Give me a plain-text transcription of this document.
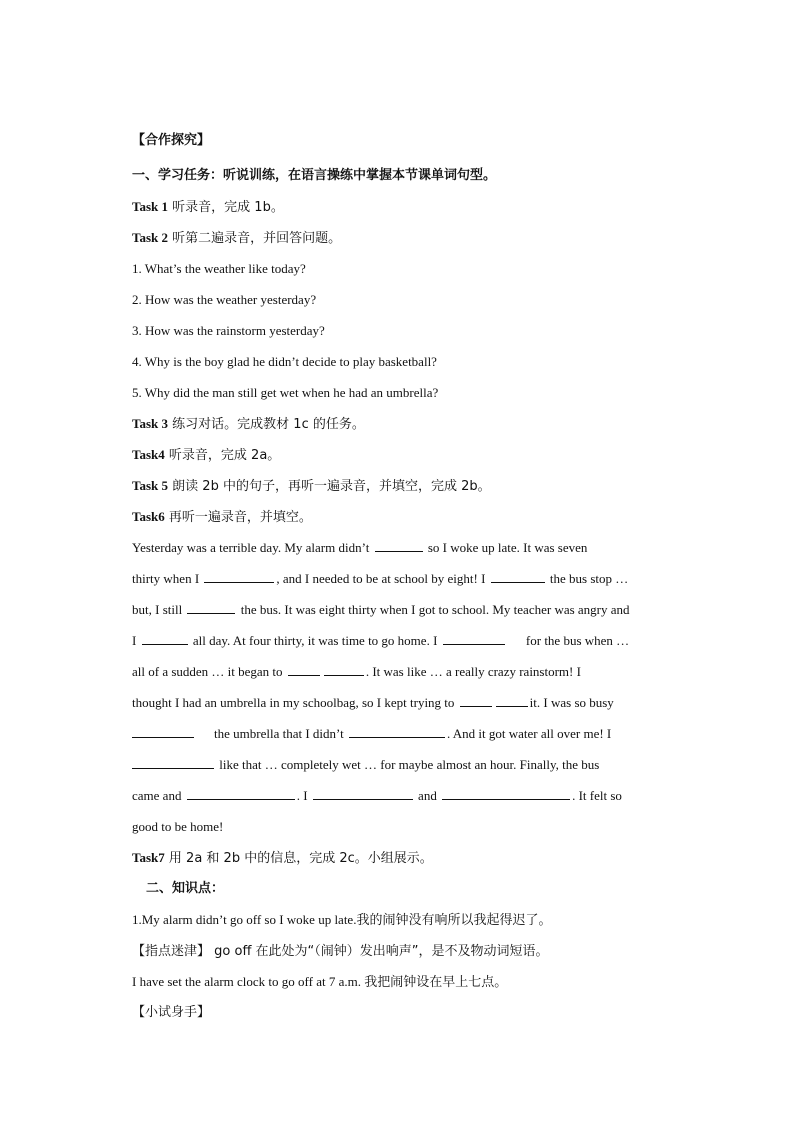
【合作探究】
一、学习任务：听说训练，在语言操练中掌握本节课单词句型。
Task 1 听录音，完成 1b。
Task 2 听第二遍录音，并回答问题。
1. What’s the weather like today?
2. How was the weather yesterday?
3. How was the rainstorm yesterday?
4. Why is the boy glad he didn’t decide to play basketball?
5. Why did the man still get wet when he had an umbrella?
Task 3 练习对话。完成教材 1c 的任务。
Task4 听录音，完成 2a。
Task 5 朗读 2b 中的句子，再听一遍录音，并填空，完成 2b。
Task6 再听一遍录音，并填空。
Yesterday was a terrible day. My alarm didn’t	so I woke up late. It was seven
thirty when I	, and I needed to be at school by eight! I	the bus stop …
but, I still	the bus. It was eight thirty when I got to school. My teacher was angry and
I	all day. At four thirty, it was time to go home. I	for the bus when …
all of a sudden … it began to	. It was like … a really crazy rainstorm! I
thought I had an umbrella in my schoolbag, so I kept trying to	it. I was so busy
the umbrella that I didn’t	. And it got water all over me! I
like that … completely wet … for maybe almost an hour. Finally, the bus
came and	. I	and	. It felt so
good to be home!
Task7 用 2a 和 2b 中的信息，完成 2c。小组展示。
二、知识点：
1.My alarm didn’t go off so I woke up late.我的闹钟没有响所以我起得迟了。
【指点迷津】 go off 在此处为“（闹钟）发出响声”，是不及物动词短语。
I have set the alarm clock to go off at 7 a.m. 我把闹钟设在早上七点。
【小试身手】
